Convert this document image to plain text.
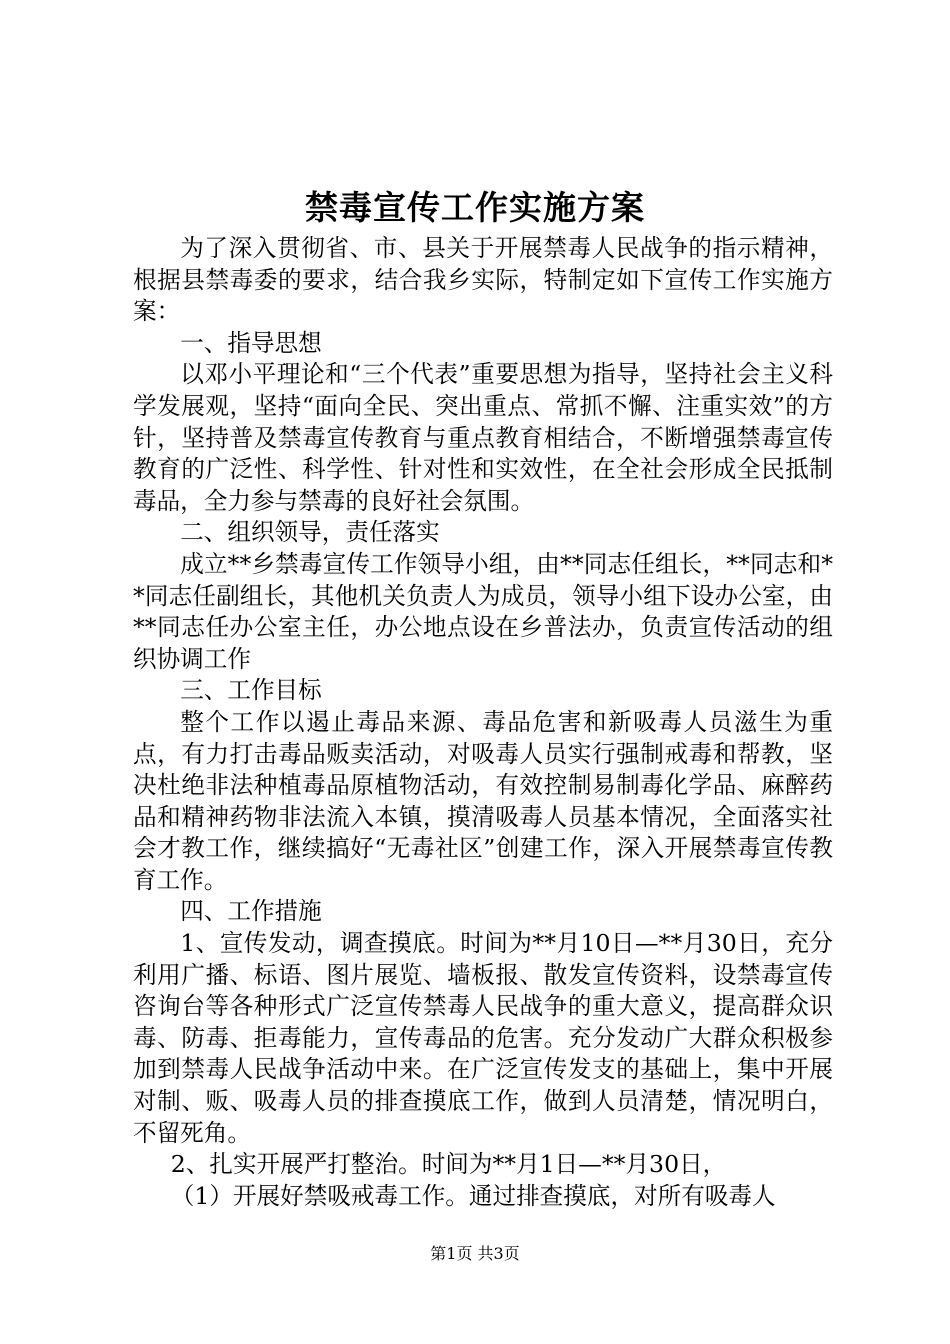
禁毒宣传工作实施方案

为了深入贯彻省、市、县关于开展禁毒人民战争的指示精神，根据县禁毒委的要求，结合我乡实际，特制定如下宣传工作实施方案：

一、指导思想

以邓小平理论和“三个代表”重要思想为指导，坚持社会主义科学发展观，坚持“面向全民、突出重点、常抓不懈、注重实效”的方针，坚持普及禁毒宣传教育与重点教育相结合，不断增强禁毒宣传教育的广泛性、科学性、针对性和实效性，在全社会形成全民抵制毒品，全力参与禁毒的良好社会氛围。

二、组织领导，责任落实

成立**乡禁毒宣传工作领导小组，由**同志任组长，**同志和**同志任副组长，其他机关负责人为成员，领导小组下设办公室，由**同志任办公室主任，办公地点设在乡普法办，负责宣传活动的组织协调工作

三、工作目标

整个工作以遏止毒品来源、毒品危害和新吸毒人员滋生为重点，有力打击毒品贩卖活动，对吸毒人员实行强制戒毒和帮教，坚决杜绝非法种植毒品原植物活动，有效控制易制毒化学品、麻醉药品和精神药物非法流入本镇，摸清吸毒人员基本情况，全面落实社会才教工作，继续搞好“无毒社区”创建工作，深入开展禁毒宣传教育工作。

四、工作措施

1、宣传发动，调查摸底。时间为**月10日—**月30日，充分利用广播、标语、图片展览、墙板报、散发宣传资料，设禁毒宣传咨询台等各种形式广泛宣传禁毒人民战争的重大意义，提高群众识毒、防毒、拒毒能力，宣传毒品的危害。充分发动广大群众积极参加到禁毒人民战争活动中来。在广泛宣传发支的基础上，集中开展对制、贩、吸毒人员的排查摸底工作，做到人员清楚，情况明白，不留死角。

2、扎实开展严打整治。时间为**月1日—**月30日，

（1）开展好禁吸戒毒工作。通过排查摸底，对所有吸毒人

第1页 共3页
